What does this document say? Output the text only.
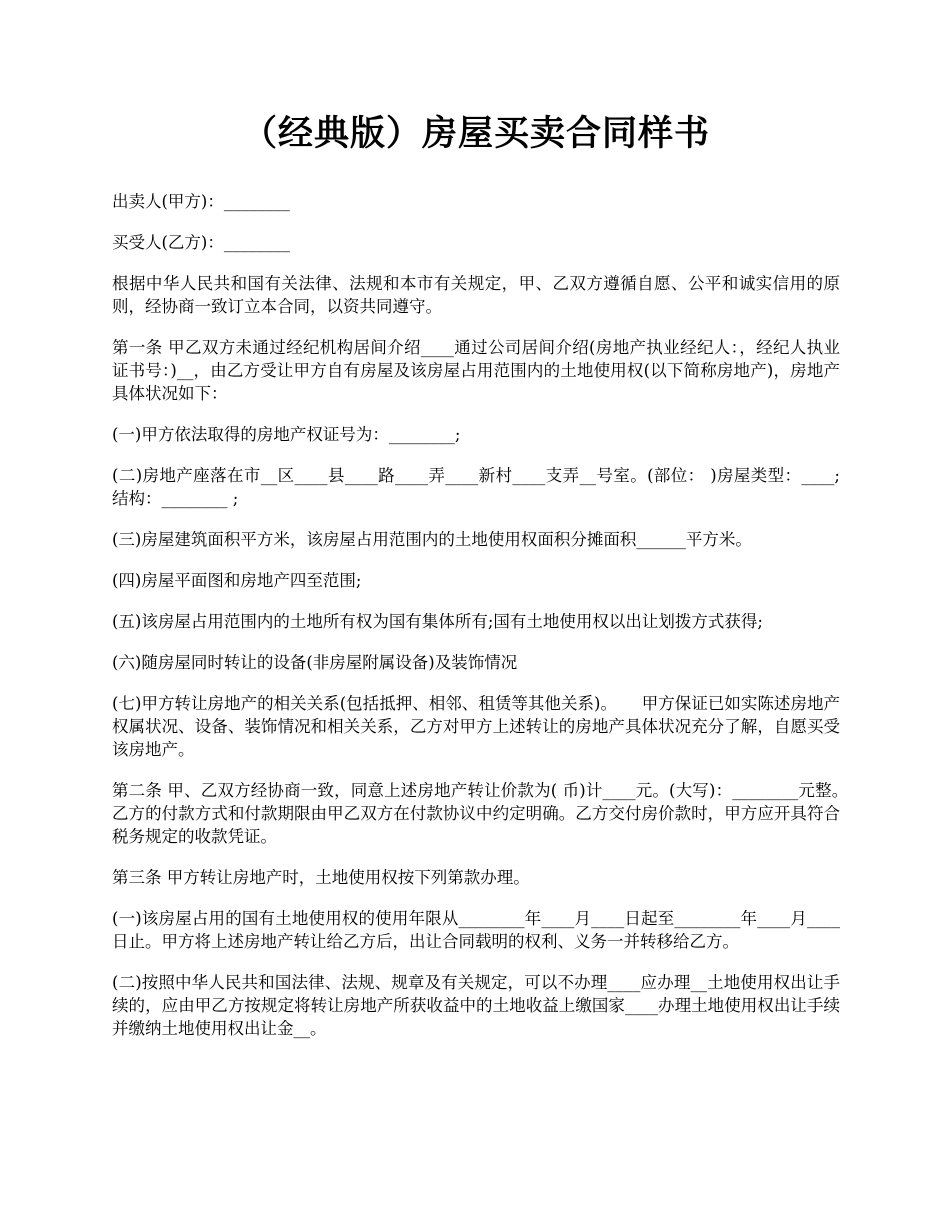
（经典版）房屋买卖合同样书

出卖人(甲方)：________

买受人(乙方)：________

根据中华人民共和国有关法律、法规和本市有关规定，甲、乙双方遵循自愿、公平和诚实信用的原则，经协商一致订立本合同，以资共同遵守。

第一条 甲乙双方未通过经纪机构居间介绍____通过公司居间介绍(房地产执业经纪人：，经纪人执业证书号：)__，由乙方受让甲方自有房屋及该房屋占用范围内的土地使用权(以下简称房地产)，房地产具体状况如下：

(一)甲方依法取得的房地产权证号为：________;

(二)房地产座落在市__区____县____路____弄____新村____支弄__号室。(部位： )房屋类型：____;结构：________ ;

(三)房屋建筑面积平方米，该房屋占用范围内的土地使用权面积分摊面积______平方米。

(四)房屋平面图和房地产四至范围;

(五)该房屋占用范围内的土地所有权为国有集体所有;国有土地使用权以出让划拨方式获得;

(六)随房屋同时转让的设备(非房屋附属设备)及装饰情况

(七)甲方转让房地产的相关关系(包括抵押、相邻、租赁等其他关系)。　　甲方保证已如实陈述房地产权属状况、设备、装饰情况和相关关系，乙方对甲方上述转让的房地产具体状况充分了解，自愿买受该房地产。

第二条 甲、乙双方经协商一致，同意上述房地产转让价款为( 币)计____元。(大写)：________元整。　　乙方的付款方式和付款期限由甲乙双方在付款协议中约定明确。乙方交付房价款时，甲方应开具符合税务规定的收款凭证。

第三条 甲方转让房地产时，土地使用权按下列第款办理。

(一)该房屋占用的国有土地使用权的使用年限从________年____月____日起至________年____月____日止。甲方将上述房地产转让给乙方后，出让合同载明的权利、义务一并转移给乙方。

(二)按照中华人民共和国法律、法规、规章及有关规定，可以不办理____应办理__土地使用权出让手续的，应由甲乙方按规定将转让房地产所获收益中的土地收益上缴国家____办理土地使用权出让手续并缴纳土地使用权出让金__。
